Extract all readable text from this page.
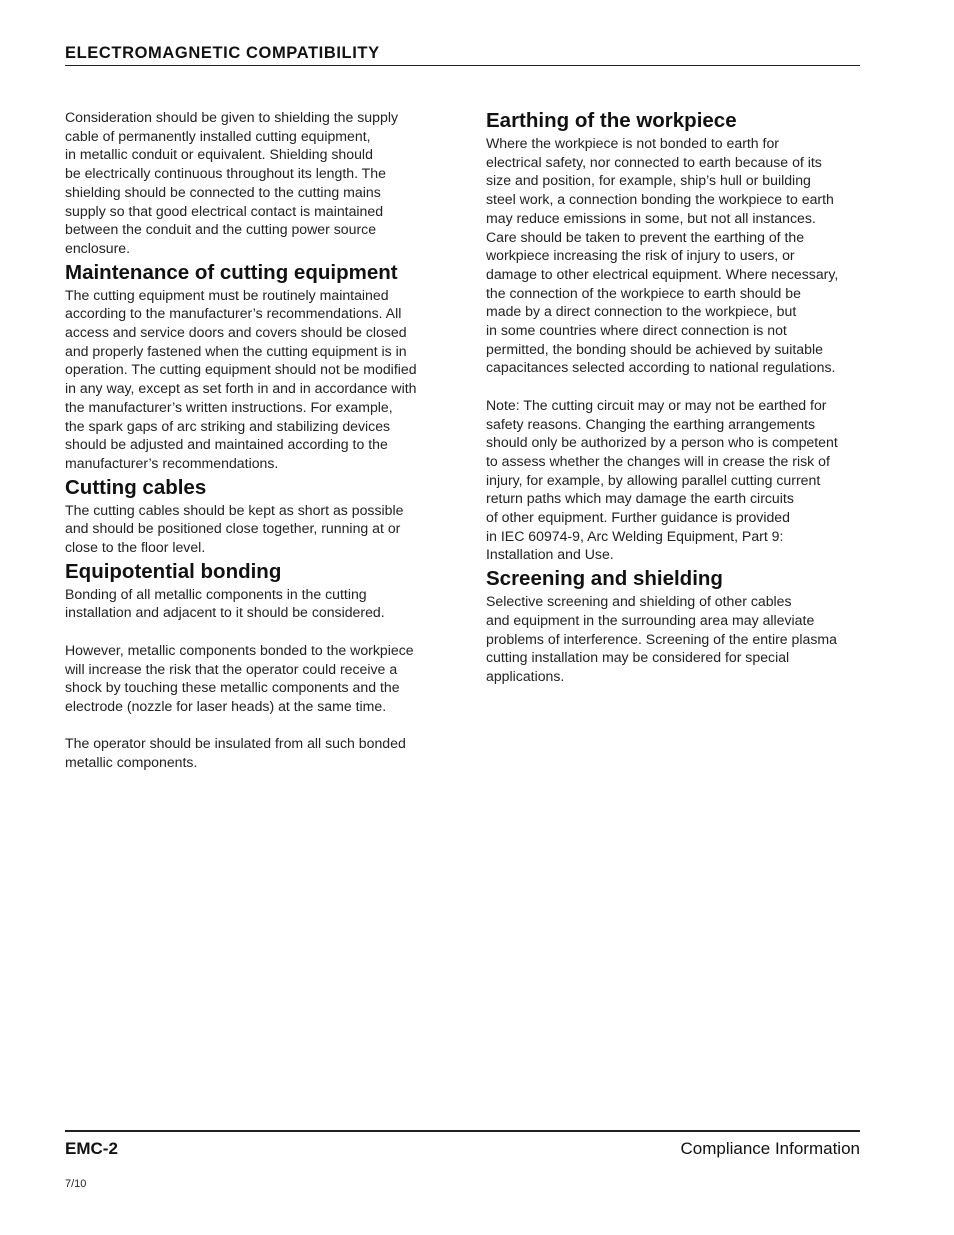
ELECTROMAGNETIC COMPATIBILITY

Consideration should be given to shielding the supply
cable of permanently installed cutting equipment,
in metallic conduit or equivalent. Shielding should
be electrically continuous throughout its length. The
shielding should be connected to the cutting mains
supply so that good electrical contact is maintained
between the conduit and the cutting power source
enclosure.

Maintenance of cutting equipment

The cutting equipment must be routinely maintained
according to the manufacturer’s recommendations. All
access and service doors and covers should be closed
and properly fastened when the cutting equipment is in
operation. The cutting equipment should not be modified
in any way, except as set forth in and in accordance with
the manufacturer’s written instructions. For example,
the spark gaps of arc striking and stabilizing devices
should be adjusted and maintained according to the
manufacturer’s recommendations.

Cutting cables

The cutting cables should be kept as short as possible
and should be positioned close together, running at or
close to the floor level.

Equipotential bonding

Bonding of all metallic components in the cutting
installation and adjacent to it should be considered.

However, metallic components bonded to the workpiece
will increase the risk that the operator could receive a
shock by touching these metallic components and the
electrode (nozzle for laser heads) at the same time.

The operator should be insulated from all such bonded
metallic components.

Earthing of the workpiece

Where the workpiece is not bonded to earth for
electrical safety, nor connected to earth because of its
size and position, for example, ship’s hull or building
steel work, a connection bonding the workpiece to earth
may reduce emissions in some, but not all instances.
Care should be taken to prevent the earthing of the
workpiece increasing the risk of injury to users, or
damage to other electrical equipment. Where necessary,
the connection of the workpiece to earth should be
made by a direct connection to the workpiece, but
in some countries where direct connection is not
permitted, the bonding should be achieved by suitable
capacitances selected according to national regulations.

Note: The cutting circuit may or may not be earthed for
safety reasons. Changing the earthing arrangements
should only be authorized by a person who is competent
to assess whether the changes will in crease the risk of
injury, for example, by allowing parallel cutting current
return paths which may damage the earth circuits
of other equipment. Further guidance is provided
in IEC 60974-9, Arc Welding Equipment, Part 9:
Installation and Use.

Screening and shielding

Selective screening and shielding of other cables
and equipment in the surrounding area may alleviate
problems of interference. Screening of the entire plasma
cutting installation may be considered for special
applications.

EMC-2	Compliance Information
7/10
